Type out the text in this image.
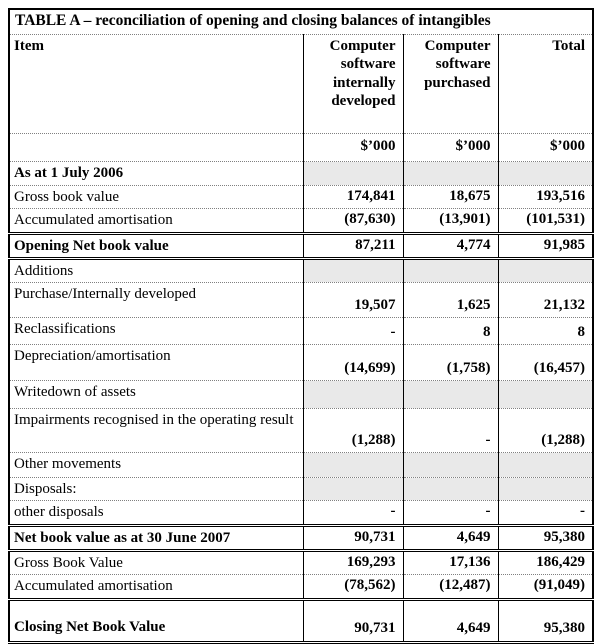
TABLE A – reconciliation of opening and closing balances of intangibles			
Item	Computer software internally developed	Computer software purchased	Total
	$’000	$’000	$’000
As at 1 July 2006			
Gross book value	174,841	18,675	193,516
Accumulated amortisation	(87,630)	(13,901)	(101,531)
Opening Net book value	87,211	4,774	91,985
Additions			
Purchase/Internally developed	19,507	1,625	21,132
Reclassifications	-	8	8
Depreciation/amortisation	(14,699)	(1,758)	(16,457)
Writedown of assets			
Impairments recognised in the operating result	(1,288)	-	(1,288)
Other movements			
Disposals:			
other disposals	-	-	-
Net book value as at 30 June 2007	90,731	4,649	95,380
Gross Book Value	169,293	17,136	186,429
Accumulated amortisation	(78,562)	(12,487)	(91,049)
Closing Net Book Value	90,731	4,649	95,380
